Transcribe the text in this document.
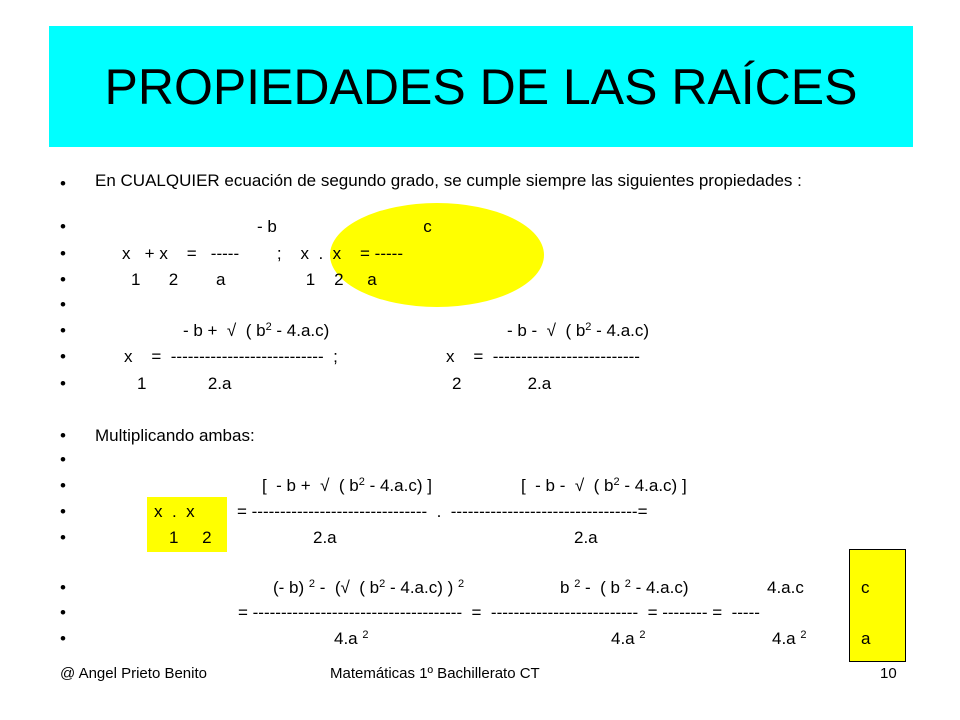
PROPIEDADES DE LAS RAÍCES
•
•
•
•
•
•
•
•
•
•
•
•
•
•
•
•
En CUALQUIER ecuación de segundo grado, se cumple siempre las siguientes propiedades :
- b                               c
x   + x    =   -----        ;    x  .  x    = -----
1      2        a                 1    2     a
- b +  √  ( $b^2 - 4.a.c$)	- b -  √  ( $b^2 - 4.a.c$)
x    =  ---------------------------  ;	x    =  --------------------------
1             2.a	2              2.a
Multiplicando ambas:
[  - b +  √  ( $b^2 - 4.a.c$) ]	[  - b -  √  ( $b^2 - 4.a.c$) ]
x  .  x = -------------------------------  .  ---------------------------------=
1     2	2.a	2.a
(- b) $^2$ -  (√  ( $b^2 - 4.a.c$) ) $^2$	b $^2$ -  ( b $^2$ - 4.a.c)	4.a.c	c
= -------------------------------------  =  --------------------------  = -------- =  -----
4.a $^2$	4.a $^2$	4.a $^2$	a
@ Angel Prieto Benito	Matemáticas 1º Bachillerato CT	10
